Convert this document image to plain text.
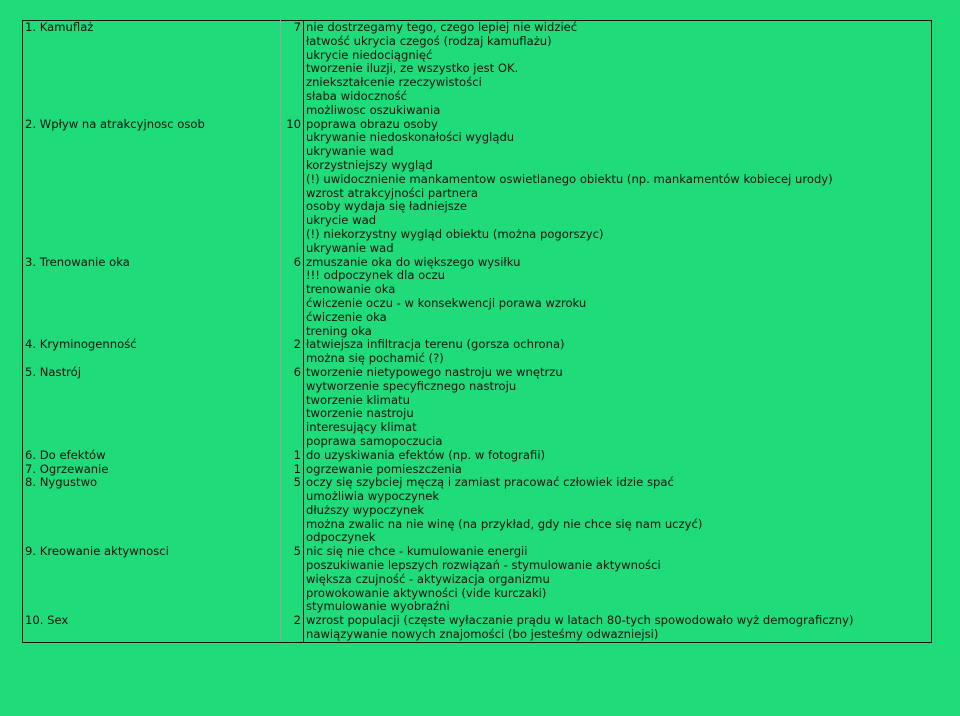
1. Kamuflaż	7	nie dostrzegamy tego, czego lepiej nie widzieć
		łatwość ukrycia czegoś (rodzaj kamuflażu)
		ukrycie niedociągnięć
		tworzenie iluzji, ze wszystko jest OK.
		zniekształcenie rzeczywistości
		słaba widoczność
		możliwosc oszukiwania
2. Wpływ na atrakcyjnosc osob	10	poprawa obrazu osoby
		ukrywanie niedoskonałości wyglądu
		ukrywanie wad
		korzystniejszy wygląd
		(!) uwidocznienie mankamentow oswietlanego obiektu (np. mankamentów kobiecej urody)
		wzrost atrakcyjności partnera
		osoby wydaja się ładniejsze
		ukrycie wad
		(!) niekorzystny wygląd obiektu (można pogorszyc)
		ukrywanie wad
3. Trenowanie oka	6	zmuszanie oka do większego wysiłku
		!!! odpoczynek dla oczu
		trenowanie oka
		ćwiczenie oczu - w konsekwencji porawa wzroku
		ćwiczenie oka
		trening oka
4. Kryminogenność	2	łatwiejsza infiltracja terenu (gorsza ochrona)
		można się pochamić (?)
5. Nastrój	6	tworzenie nietypowego nastroju we wnętrzu
		wytworzenie specyficznego nastroju
		tworzenie klimatu
		tworzenie nastroju
		interesujący klimat
		poprawa samopoczucia
6. Do efektów	1	do uzyskiwania efektów (np. w fotografii)
7. Ogrzewanie	1	ogrzewanie pomieszczenia
8. Nygustwo	5	oczy się szybciej męczą i zamiast pracować człowiek idzie spać
		umożliwia wypoczynek
		dłuższy wypoczynek
		można zwalic na nie winę (na przykład, gdy nie chce się nam uczyć)
		odpoczynek
9. Kreowanie aktywnosci	5	nic się nie chce - kumulowanie energii
		poszukiwanie lepszych rozwiązań - stymulowanie aktywności
		większa czujność - aktywizacja organizmu
		prowokowanie aktywności (vide kurczaki)
		stymulowanie wyobraźni
10. Sex	2	wzrost populacji (częste wyłaczanie prądu w latach 80-tych spowodowało wyż demograficzny)
		nawiązywanie nowych znajomości (bo jesteśmy odwazniejsi)
